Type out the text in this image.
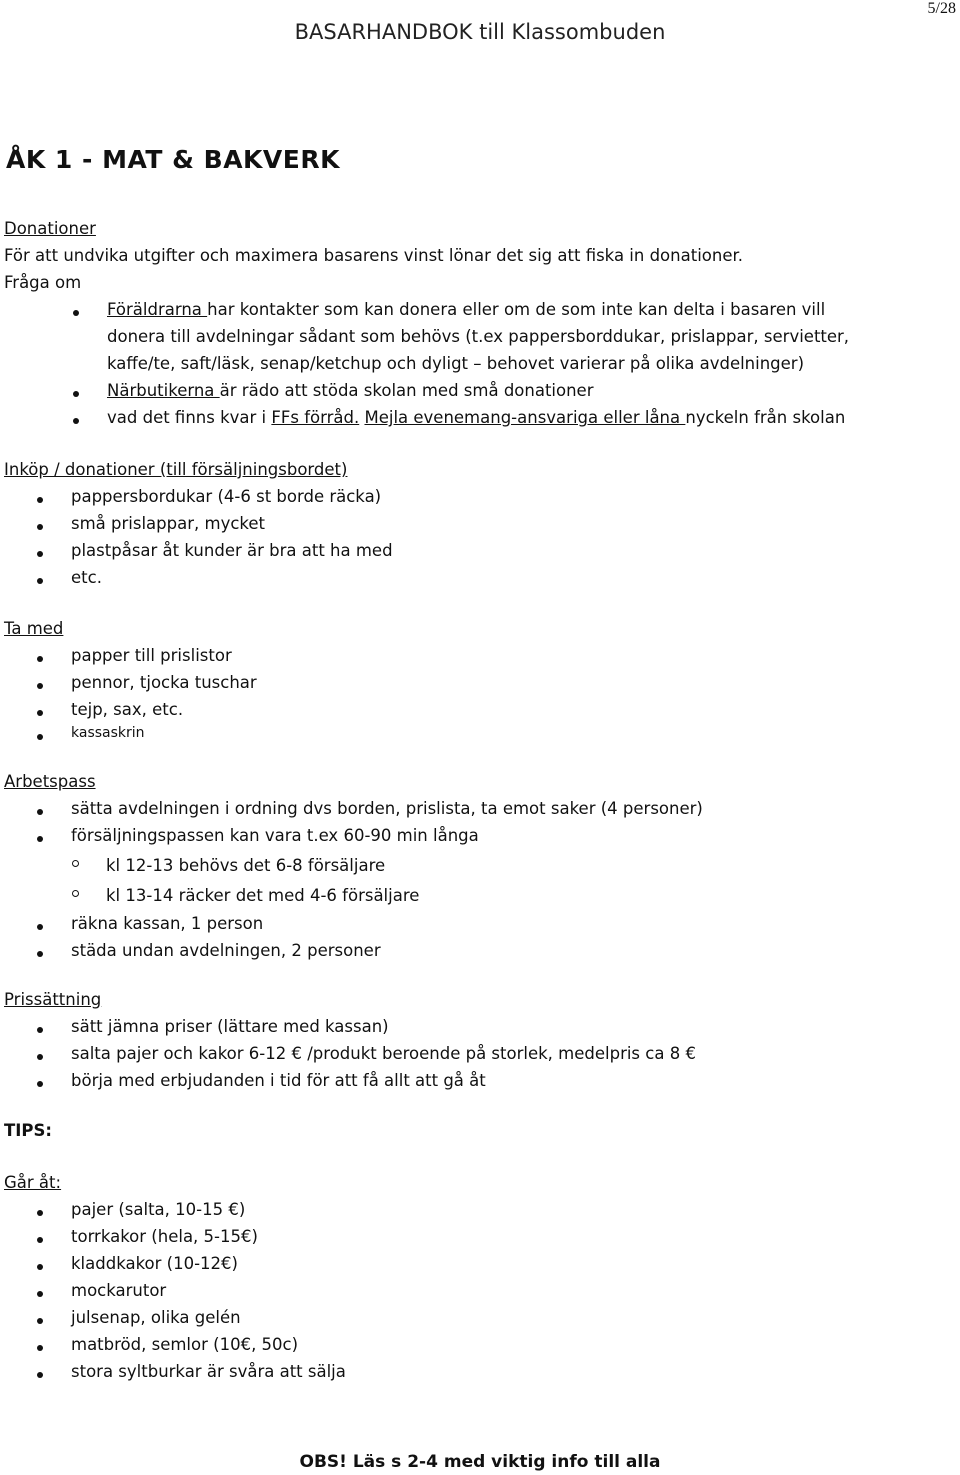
5/28
BASARHANDBOK till Klassombuden
ÅK 1 - MAT & BAKVERK
Donationer
För att undvika utgifter och maximera basarens vinst lönar det sig att fiska in donationer.
Fråga om
Föräldrarna har kontakter som kan donera eller om de som inte kan delta i basaren vill
donera till avdelningar sådant som behövs (t.ex pappersborddukar, prislappar, servietter,
kaffe/te, saft/läsk, senap/ketchup och dyligt – behovet varierar på olika avdelninger)
Närbutikerna är rädo att stöda skolan med små donationer
vad det finns kvar i FFs förråd. Mejla evenemang-ansvariga eller låna nyckeln från skolan
Inköp / donationer (till försäljningsbordet)
pappersbordukar (4-6 st borde räcka)
små prislappar, mycket
plastpåsar åt kunder är bra att ha med
etc.
Ta med
papper till prislistor
pennor, tjocka tuschar
tejp, sax, etc.
kassaskrin
Arbetspass
sätta avdelningen i ordning dvs borden, prislista, ta emot saker (4 personer)
försäljningspassen kan vara t.ex 60-90 min långa
kl 12-13 behövs det 6-8 försäljare
kl 13-14 räcker det med 4-6 försäljare
räkna kassan, 1 person
städa undan avdelningen, 2 personer
Prissättning
sätt jämna priser (lättare med kassan)
salta pajer och kakor 6-12 € /produkt beroende på storlek, medelpris ca 8 €
börja med erbjudanden i tid för att få allt att gå åt
TIPS:
Går åt:
pajer (salta, 10-15 €)
torrkakor (hela, 5-15€)
kladdkakor (10-12€)
mockarutor
julsenap, olika gelén
matbröd, semlor (10€, 50c)
stora syltburkar är svåra att sälja
OBS! Läs s 2-4 med viktig info till alla
